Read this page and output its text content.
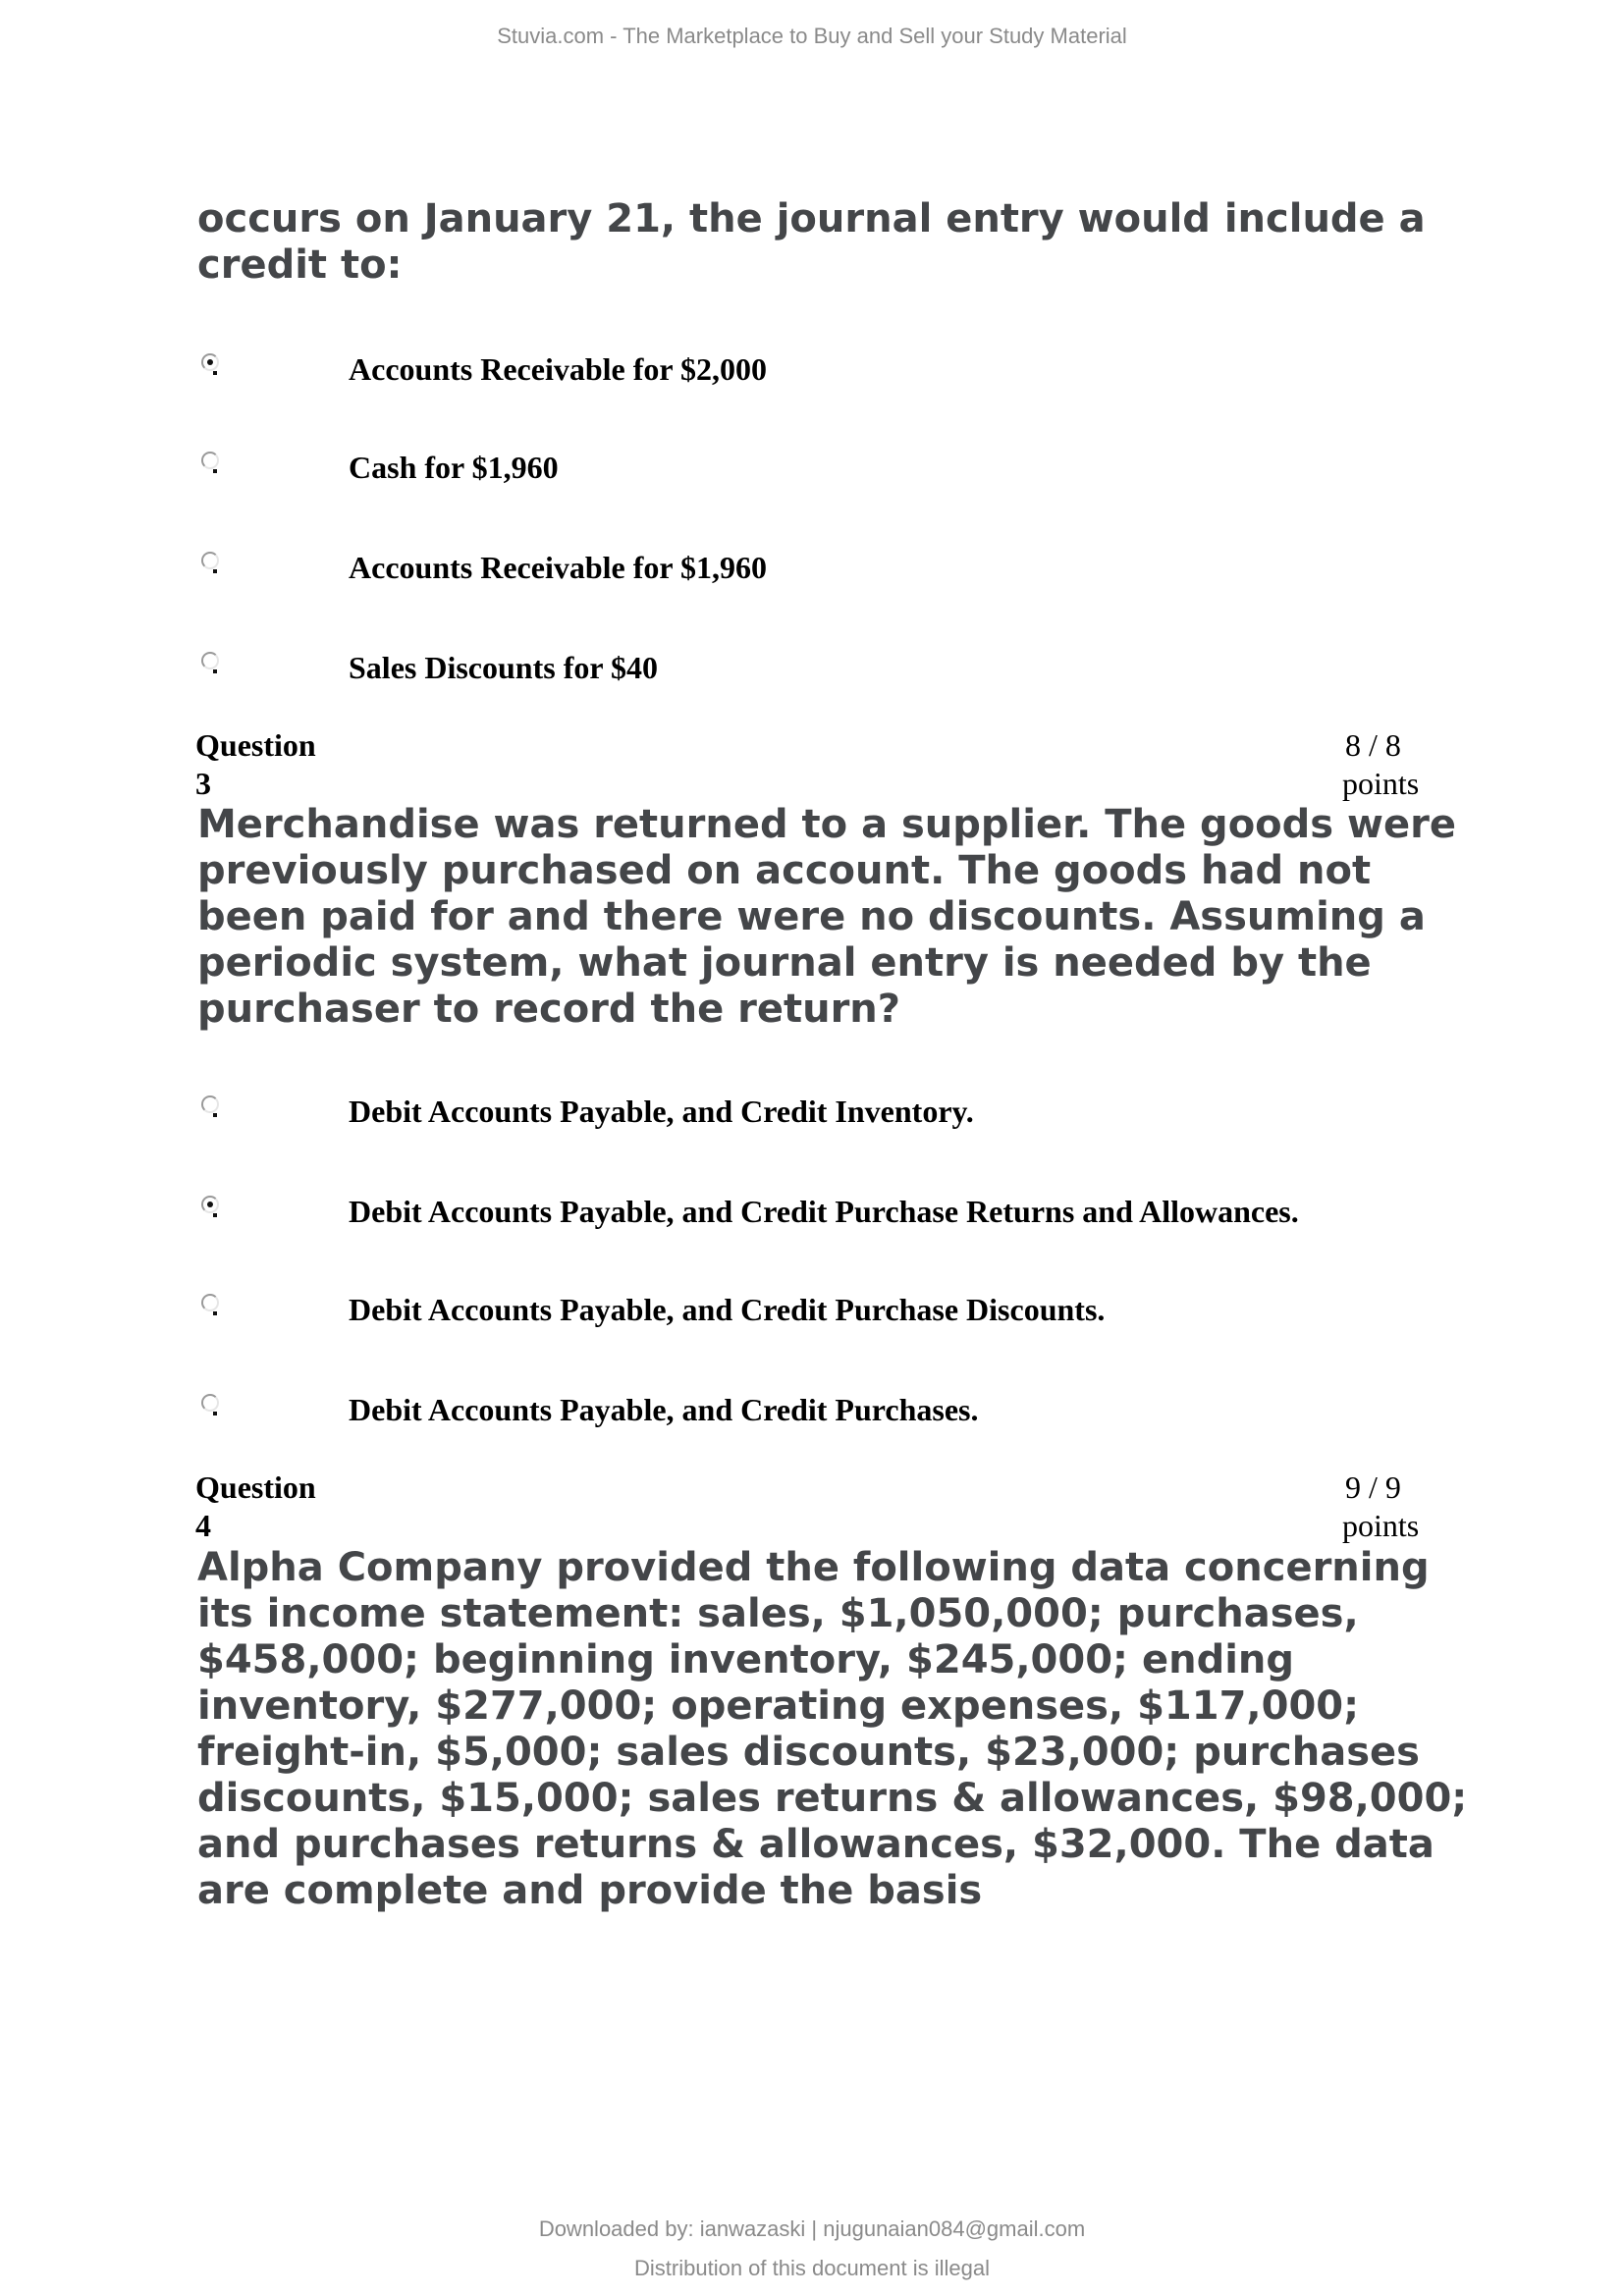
Stuvia.com - The Marketplace to Buy and Sell your Study Material

occurs on January 21, the journal entry would include a credit to:

Accounts Receivable for $2,000
Cash for $1,960
Accounts Receivable for $1,960
Sales Discounts for $40
Question
3
8 / 8
points

Merchandise was returned to a supplier. The goods were previously purchased on account. The goods had not been paid for and there were no discounts. Assuming a periodic system, what journal entry is needed by the purchaser to record the return?

Debit Accounts Payable, and Credit Inventory.
Debit Accounts Payable, and Credit Purchase Returns and Allowances.
Debit Accounts Payable, and Credit Purchase Discounts.
Debit Accounts Payable, and Credit Purchases.
Question
4
9 / 9
points

Alpha Company provided the following data concerning its income statement: sales, $1,050,000; purchases, $458,000; beginning inventory, $245,000; ending inventory, $277,000; operating expenses, $117,000; freight-in, $5,000; sales discounts, $23,000; purchases discounts, $15,000; sales returns & allowances, $98,000; and purchases returns & allowances, $32,000. The data are complete and provide the basis

Downloaded by: ianwazaski | njugunaian084@gmail.com
Distribution of this document is illegal
